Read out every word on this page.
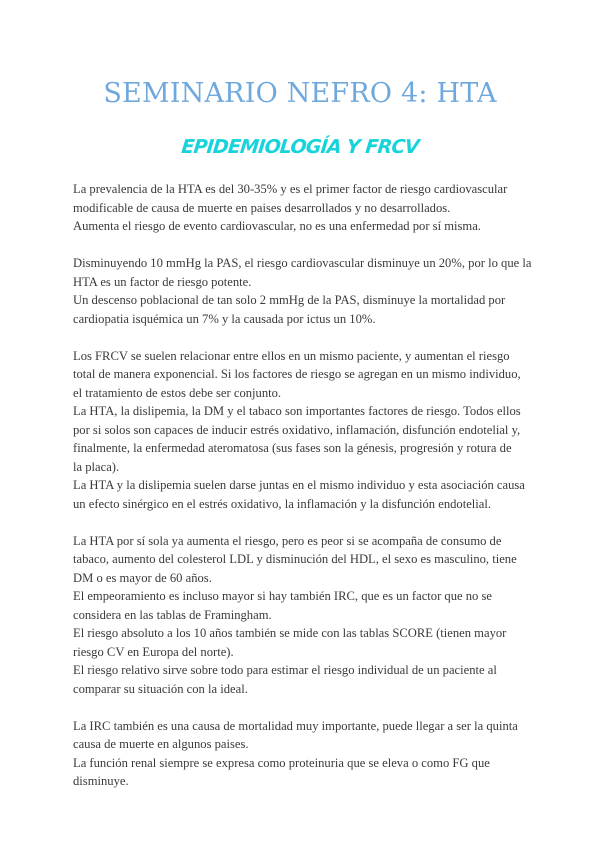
SEMINARIO NEFRO 4: HTA
EPIDEMIOLOGÍA Y FRCV

La prevalencia de la HTA es del 30-35% y es el primer factor de riesgo cardiovascular
modificable de causa de muerte en paises desarrollados y no desarrollados.
Aumenta el riesgo de evento cardiovascular, no es una enfermedad por sí misma.

Disminuyendo 10 mmHg la PAS, el riesgo cardiovascular disminuye un 20%, por lo que la
HTA es un factor de riesgo potente.
Un descenso poblacional de tan solo 2 mmHg de la PAS, disminuye la mortalidad por
cardiopatia isquémica un 7% y la causada por ictus un 10%.

Los FRCV se suelen relacionar entre ellos en un mismo paciente, y aumentan el riesgo
total de manera exponencial. Si los factores de riesgo se agregan en un mismo individuo,
el tratamiento de estos debe ser conjunto.
La HTA, la dislipemia, la DM y el tabaco son importantes factores de riesgo. Todos ellos
por si solos son capaces de inducir estrés oxidativo, inflamación, disfunción endotelial y,
finalmente, la enfermedad ateromatosa (sus fases son la génesis, progresión y rotura de
la placa).
La HTA y la dislipemia suelen darse juntas en el mismo individuo y esta asociación causa
un efecto sinérgico en el estrés oxidativo, la inflamación y la disfunción endotelial.

La HTA por sí sola ya aumenta el riesgo, pero es peor si se acompaña de consumo de
tabaco, aumento del colesterol LDL y disminución del HDL, el sexo es masculino, tiene
DM o es mayor de 60 años.
El empeoramiento es incluso mayor si hay también IRC, que es un factor que no se
considera en las tablas de Framingham.
El riesgo absoluto a los 10 años también se mide con las tablas SCORE (tienen mayor
riesgo CV en Europa del norte).
El riesgo relativo sirve sobre todo para estimar el riesgo individual de un paciente al
comparar su situación con la ideal.

La IRC también es una causa de mortalidad muy importante, puede llegar a ser la quinta
causa de muerte en algunos paises.
La función renal siempre se expresa como proteinuria que se eleva o como FG que
disminuye.
